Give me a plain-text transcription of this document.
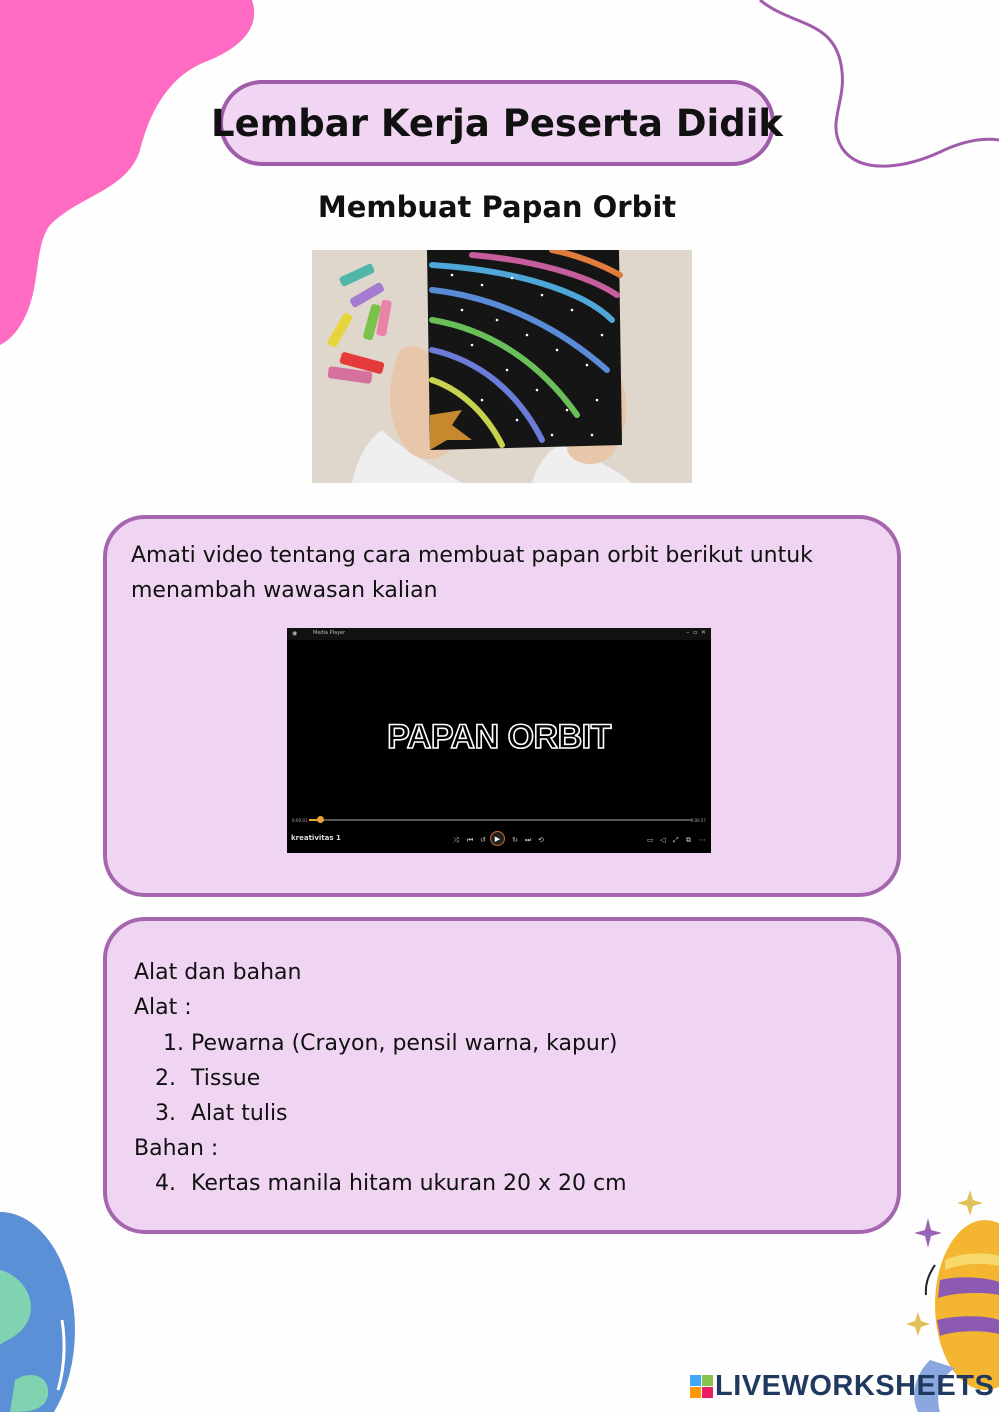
Lembar Kerja Peserta Didik
Membuat Papan Orbit
Amati video tentang cara membuat papan orbit berikut untuk menambah wawasan kalian
◉	Media Player	–  ▫  ✕
PAPAN ORBIT
0:00:01	0:00:27
kreativitas 1	⤨ ⏮ ↺ ▶ ↻ ⏭ ⟲	▭ ◁ ⤢ ⧉ ⋯
Alat dan bahan
Alat :
1. Pewarna (Crayon, pensil warna, kapur)
2. Tissue
3. Alat tulis
Bahan :
4. Kertas manila hitam ukuran 20 x 20 cm
LIVEWORKSHEETS
